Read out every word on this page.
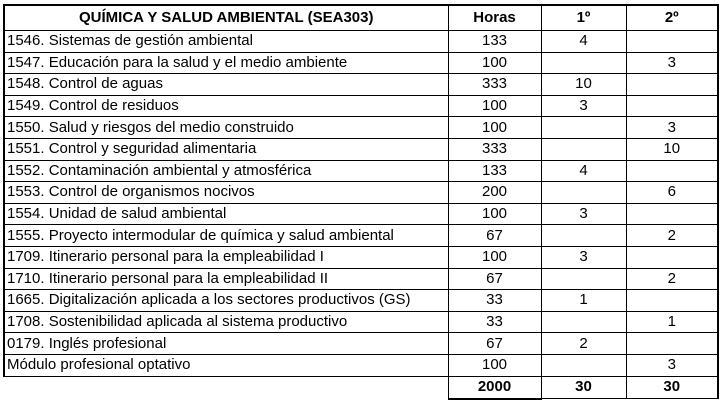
QUÍMICA Y SALUD AMBIENTAL (SEA303)	Horas	1º	2º
1546. Sistemas de gestión ambiental	133	4	
1547. Educación para la salud y el medio ambiente	100		3
1548. Control de aguas	333	10	
1549. Control de residuos	100	3	
1550. Salud y riesgos del medio construido	100		3
1551. Control y seguridad alimentaria	333		10
1552. Contaminación ambiental y atmosférica	133	4	
1553. Control de organismos nocivos	200		6
1554. Unidad de salud ambiental	100	3	
1555. Proyecto intermodular de química y salud ambiental	67		2
1709. Itinerario personal para la empleabilidad I	100	3	
1710. Itinerario personal para la empleabilidad II	67		2
1665. Digitalización aplicada a los sectores productivos (GS)	33	1	
1708. Sostenibilidad aplicada al sistema productivo	33		1
0179. Inglés profesional	67	2	
Módulo profesional optativo	100		3
	2000	30	30
